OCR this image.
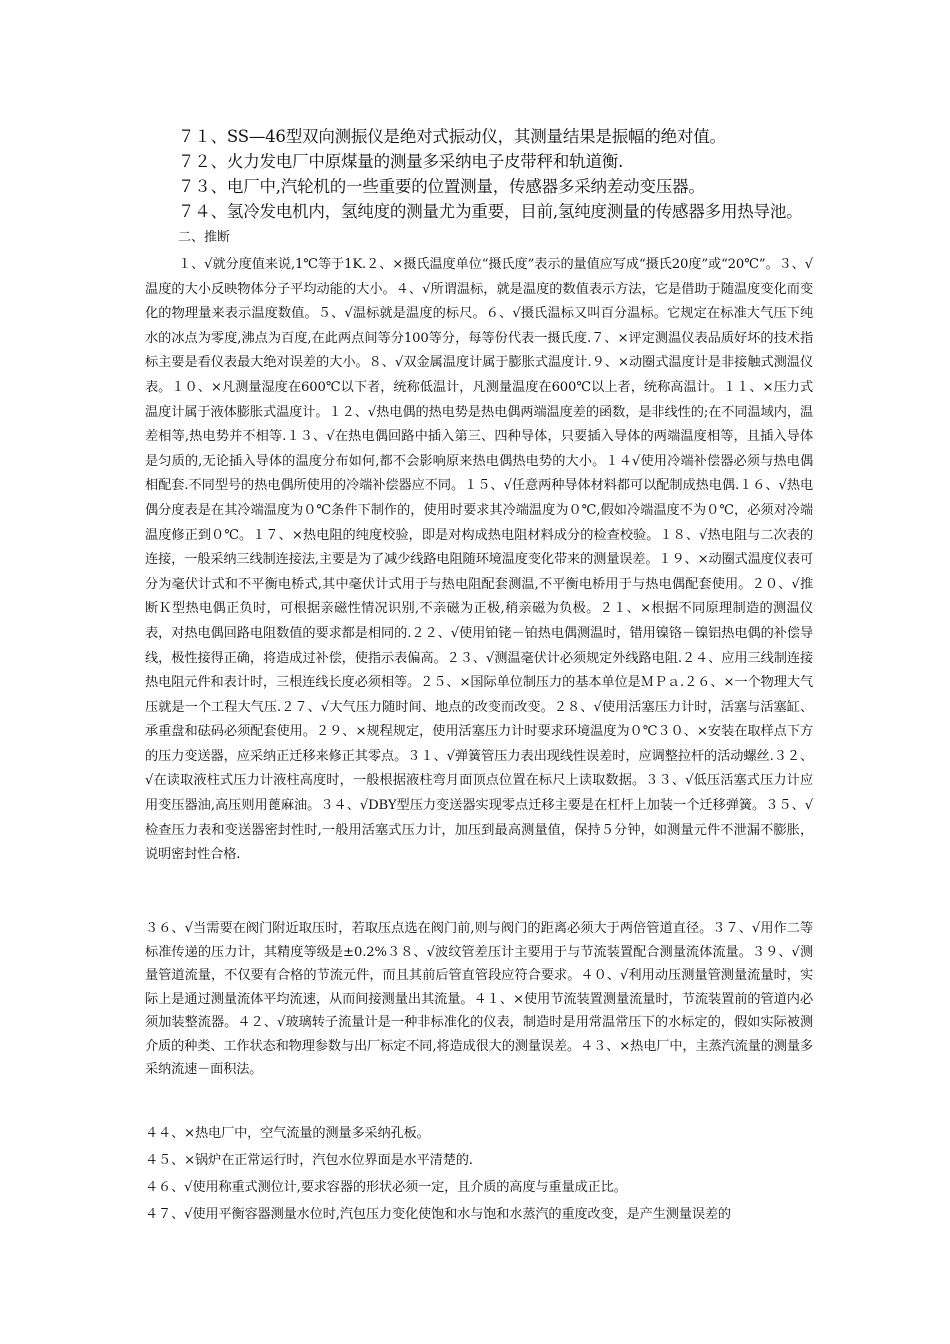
７１、SS—46型双向测振仪是绝对式振动仪，其测量结果是振幅的绝对值。
７２、火力发电厂中原煤量的测量多采纳电子皮带秤和轨道衡.
７３、电厂中,汽轮机的一些重要的位置测量，传感器多采纳差动变压器。
７４、氢冷发电机内，氢纯度的测量尤为重要，目前,氢纯度测量的传感器多用热导池。
二、推断
１、√就分度值来说,1℃等于1K.２、×摄氏温度单位“摄氏度”表示的量值应写成“摄氏20度”或“20℃”。３、√温度的大小反映物体分子平均动能的大小。４、√所谓温标，就是温度的数值表示方法，它是借助于随温度变化而变化的物理量来表示温度数值。５、√温标就是温度的标尺。６、√摄氏温标又叫百分温标。它规定在标准大气压下纯水的冰点为零度,沸点为百度,在此两点间等分100等分，每等份代表一摄氏度.７、×评定测温仪表品质好坏的技术指标主要是看仪表最大绝对误差的大小。８、√双金属温度计属于膨胀式温度计.９、×动圈式温度计是非接触式测温仪表。１０、×凡测量湿度在600℃以下者，统称低温计，凡测量温度在600℃以上者，统称高温计。１１、×压力式温度计属于液体膨胀式温度计。１２、√热电偶的热电势是热电偶两端温度差的函数，是非线性的;在不同温域内，温差相等,热电势并不相等.１３、√在热电偶回路中插入第三、四种导体，只要插入导体的两端温度相等，且插入导体是匀质的,无论插入导体的温度分布如何,都不会影响原来热电偶热电势的大小。１４√使用冷端补偿器必须与热电偶相配套.不同型号的热电偶所使用的冷端补偿器应不同。１５、√任意两种导体材料都可以配制成热电偶.１６、√热电偶分度表是在其冷端温度为０℃条件下制作的，使用时要求其冷端温度为０℃,假如冷端温度不为０℃，必须对冷端温度修正到０℃。１７、×热电阻的纯度校验，即是对构成热电阻材料成分的检查校验。１８、√热电阻与二次表的连接，一般采纳三线制连接法,主要是为了减少线路电阻随环境温度变化带来的测量误差。１９、×动圈式温度仪表可分为毫伏计式和不平衡电桥式,其中毫伏计式用于与热电阻配套测温,不平衡电桥用于与热电偶配套使用。２０、√推断Ｋ型热电偶正负时，可根据亲磁性情况识别,不亲磁为正极,稍亲磁为负极。２１、×根据不同原理制造的测温仪表，对热电偶回路电阻数值的要求都是相同的.２２、√使用铂铑－铂热电偶测温时，错用镍铬－镍铝热电偶的补偿导线，极性接得正确，将造成过补偿，使指示表偏高。２３、√测温毫伏计必须规定外线路电阻.２４、应用三线制连接热电阻元件和表计时，三根连线长度必须相等。２５、×国际单位制压力的基本单位是ＭＰａ.２６、×一个物理大气压就是一个工程大气压.２７、√大气压力随时间、地点的改变而改变。２８、√使用活塞压力计时，活塞与活塞缸、承重盘和砝码必须配套使用。２９、×规程规定，使用活塞压力计时要求环境温度为０℃３０、×安装在取样点下方的压力变送器，应采纳正迁移来修正其零点。３１、√弹簧管压力表出现线性误差时，应调整拉杆的活动螺丝.３２、√在读取液柱式压力计液柱高度时，一般根据液柱弯月面顶点位置在标尺上读取数据。３３、√低压活塞式压力计应用变压器油,高压则用蓖麻油。３４、√DBY型压力变送器实现零点迁移主要是在杠杆上加装一个迁移弹簧。３５、√检查压力表和变送器密封性时,一般用活塞式压力计，加压到最高测量值，保持５分钟，如测量元件不泄漏不膨胀，说明密封性合格.
３６、√当需要在阀门附近取压时，若取压点选在阀门前,则与阀门的距离必须大于两倍管道直径。３７、√用作二等标准传递的压力计，其精度等级是±0.2%３８、√波纹管差压计主要用于与节流装置配合测量流体流量。３９、√测量管道流量，不仅要有合格的节流元件，而且其前后管直管段应符合要求。４０、√利用动压测量管测量流量时，实际上是通过测量流体平均流速，从而间接测量出其流量。４１、×使用节流装置测量流量时，节流装置前的管道内必须加装整流器。４２、√玻璃转子流量计是一种非标准化的仪表，制造时是用常温常压下的水标定的，假如实际被测介质的种类、工作状态和物理参数与出厂标定不同,将造成很大的测量误差。４３、×热电厂中，主蒸汽流量的测量多采纳流速－面积法。
４４、×热电厂中，空气流量的测量多采纳孔板。
４５、×锅炉在正常运行时，汽包水位界面是水平清楚的.
４６、√使用称重式测位计,要求容器的形状必须一定，且介质的高度与重量成正比。
４７、√使用平衡容器测量水位时,汽包压力变化使饱和水与饱和水蒸汽的重度改变，是产生测量误差的
